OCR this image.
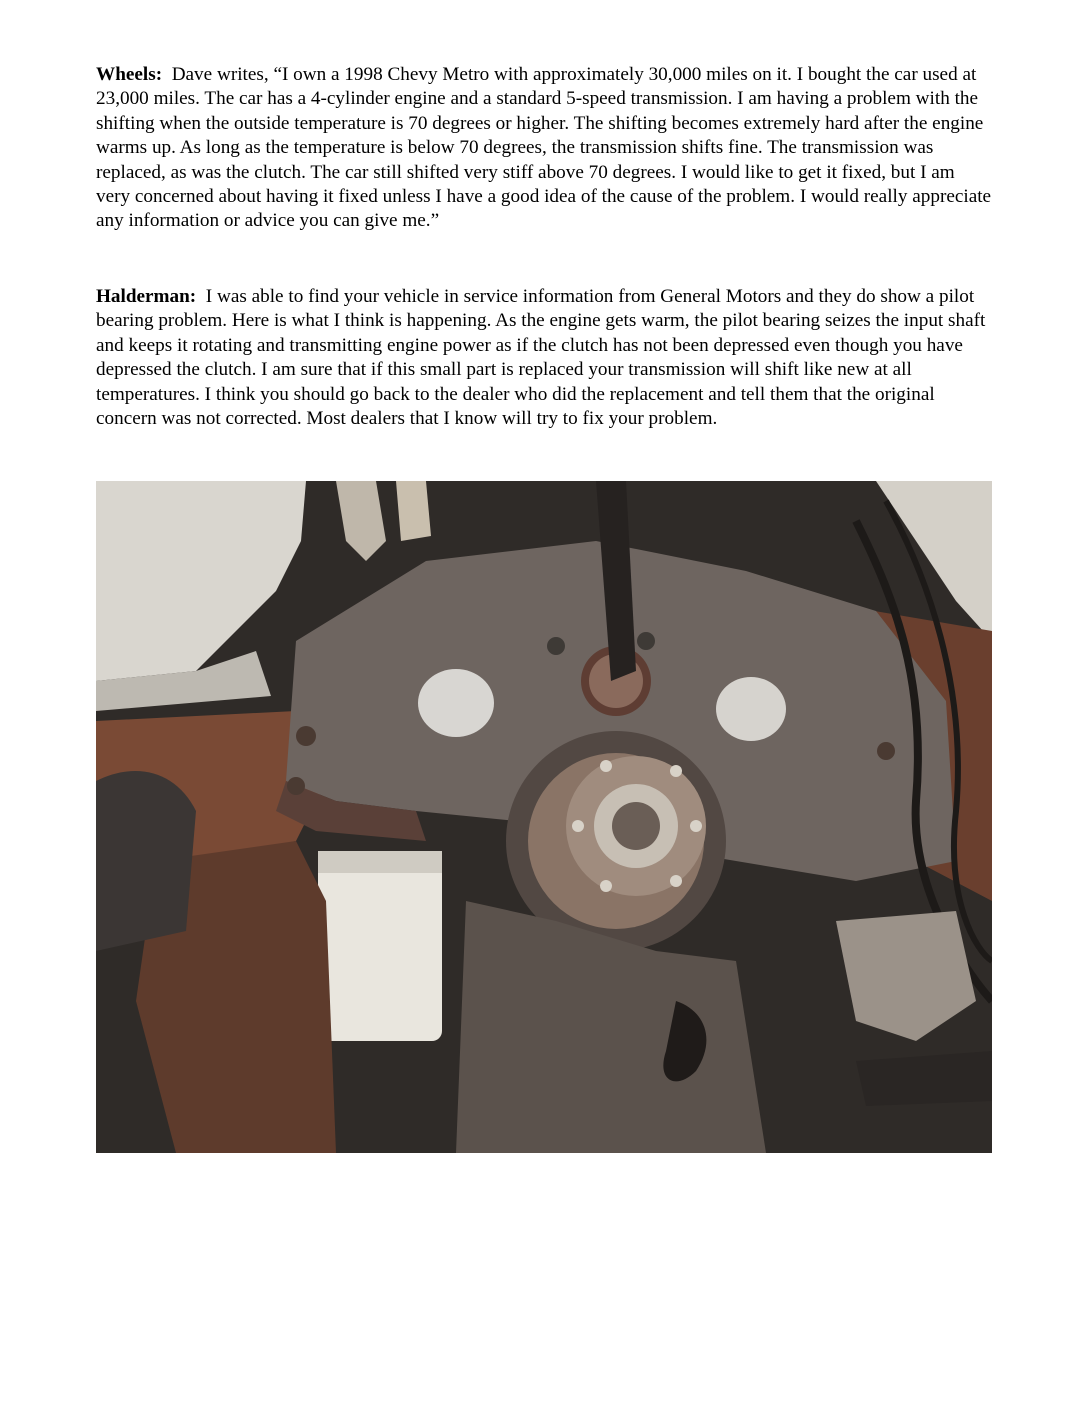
Wheels: Dave writes, “I own a 1998 Chevy Metro with approximately 30,000 miles on it. I bought the car used at 23,000 miles. The car has a 4-cylinder engine and a standard 5-speed transmission. I am having a problem with the shifting when the outside temperature is 70 degrees or higher. The shifting becomes extremely hard after the engine warms up. As long as the temperature is below 70 degrees, the transmission shifts fine. The transmission was replaced, as was the clutch. The car still shifted very stiff above 70 degrees. I would like to get it fixed, but I am very concerned about having it fixed unless I have a good idea of the cause of the problem. I would really appreciate any information or advice you can give me.”

Halderman: I was able to find your vehicle in service information from General Motors and they do show a pilot bearing problem. Here is what I think is happening. As the engine gets warm, the pilot bearing seizes the input shaft and keeps it rotating and transmitting engine power as if the clutch has not been depressed even though you have depressed the clutch. I am sure that if this small part is replaced your transmission will shift like new at all temperatures. I think you should go back to the dealer who did the replacement and tell them that the original concern was not corrected. Most dealers that I know will try to fix your problem.
